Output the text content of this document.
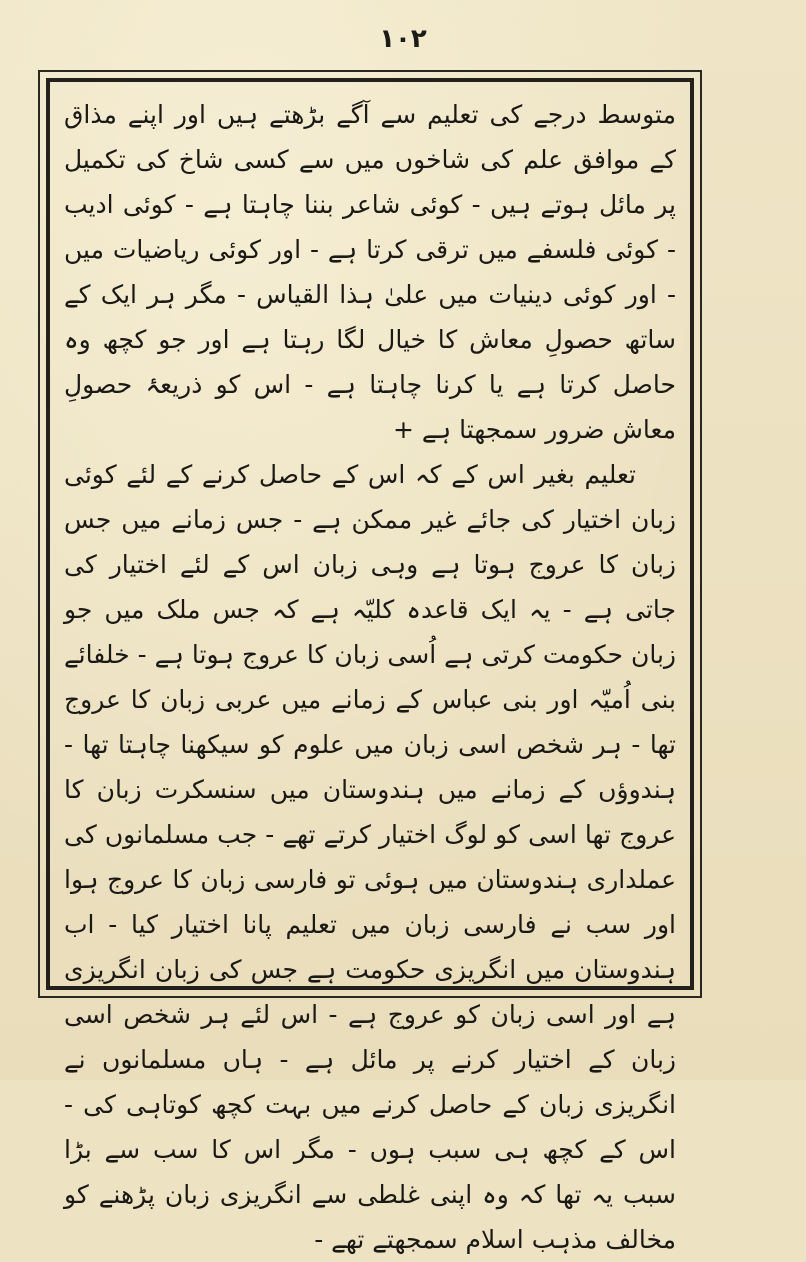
۱۰۲

متوسط درجے کی تعلیم سے آگے بڑھتے ہیں اور اپنے مذاق کے موافق علم کی شاخوں میں سے کسی شاخ کی تکمیل پر مائل ہوتے ہیں - کوئی شاعر بننا چاہتا ہے - کوئی ادیب - کوئی فلسفے میں ترقی کرتا ہے - اور کوئی ریاضیات میں - اور کوئی دینیات میں علیٰ ہذا القیاس - مگر ہر ایک کے ساتھ حصولِ معاش کا خیال لگا رہتا ہے اور جو کچھ وہ حاصل کرتا ہے یا کرنا چاہتا ہے - اس کو ذریعۂ حصولِ معاش ضرور سمجھتا ہے +

تعلیم بغیر اس کے کہ اس کے حاصل کرنے کے لئے کوئی زبان اختیار کی جائے غیر ممکن ہے - جس زمانے میں جس زبان کا عروج ہوتا ہے وہی زبان اس کے لئے اختیار کی جاتی ہے - یہ ایک قاعدہ کلیّہ ہے کہ جس ملک میں جو زبان حکومت کرتی ہے اُسی زبان کا عروج ہوتا ہے - خلفائے بنی اُمیّہ اور بنی عباس کے زمانے میں عربی زبان کا عروج تھا - ہر شخص اسی زبان میں علوم کو سیکھنا چاہتا تھا - ہندوؤں کے زمانے میں ہندوستان میں سنسکرت زبان کا عروج تھا اسی کو لوگ اختیار کرتے تھے - جب مسلمانوں کی عملداری ہندوستان میں ہوئی تو فارسی زبان کا عروج ہوا اور سب نے فارسی زبان میں تعلیم پانا اختیار کیا - اب ہندوستان میں انگریزی حکومت ہے جس کی زبان انگریزی ہے اور اسی زبان کو عروج ہے - اس لئے ہر شخص اسی زبان کے اختیار کرنے پر مائل ہے - ہاں مسلمانوں نے انگریزی زبان کے حاصل کرنے میں بہت کچھ کوتاہی کی - اس کے کچھ ہی سبب ہوں - مگر اس کا سب سے بڑا سبب یہ تھا کہ وہ اپنی غلطی سے انگریزی زبان پڑھنے کو مخالف مذہب اسلام سمجھتے تھے -
